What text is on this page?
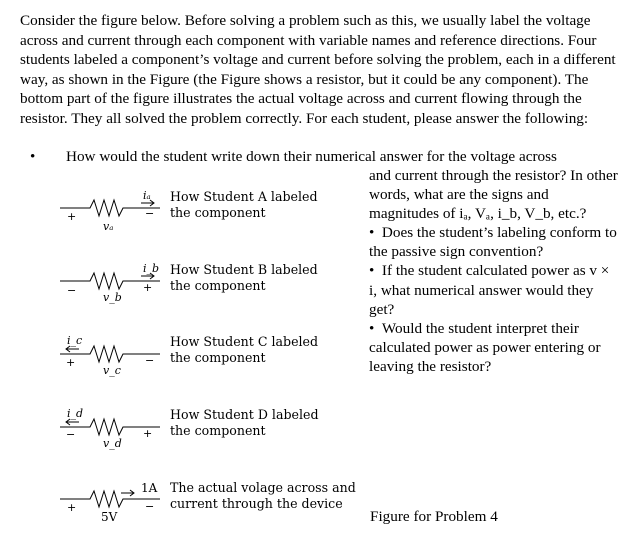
Consider the figure below. Before solving a problem such as this, we usually label the voltage across and current through each component with variable names and reference directions. Four students labeled a component’s voltage and current before solving the problem, each in a different way, as shown in the Figure (the Figure shows a resistor, but it could be any component). The bottom part of the figure illustrates the actual voltage across and current flowing through the resistor. They all solved the problem correctly. For each student, please answer the following:

• How would the student write down their numerical answer for the voltage across

and current through the resistor? In other words, what are the signs and magnitudes of iₐ, Vₐ, i_b, V_b, etc.?

• Does the student’s labeling conform to the passive sign convention?

• If the student calculated power as v × i, what numerical answer would they get?

• Would the student interpret their calculated power as power entering or leaving the resistor?

Figure for Problem 4
How Student A labeled
the component
How Student B labeled
the component
How Student C labeled
the component
How Student D labeled
the component
The actual volage across and
current through the device
iₐ
+	−
vₐ
i_b
−	+
v_b
i_c
+	−
v_c
i_d
−	+
v_d
1A
+	−
5V
